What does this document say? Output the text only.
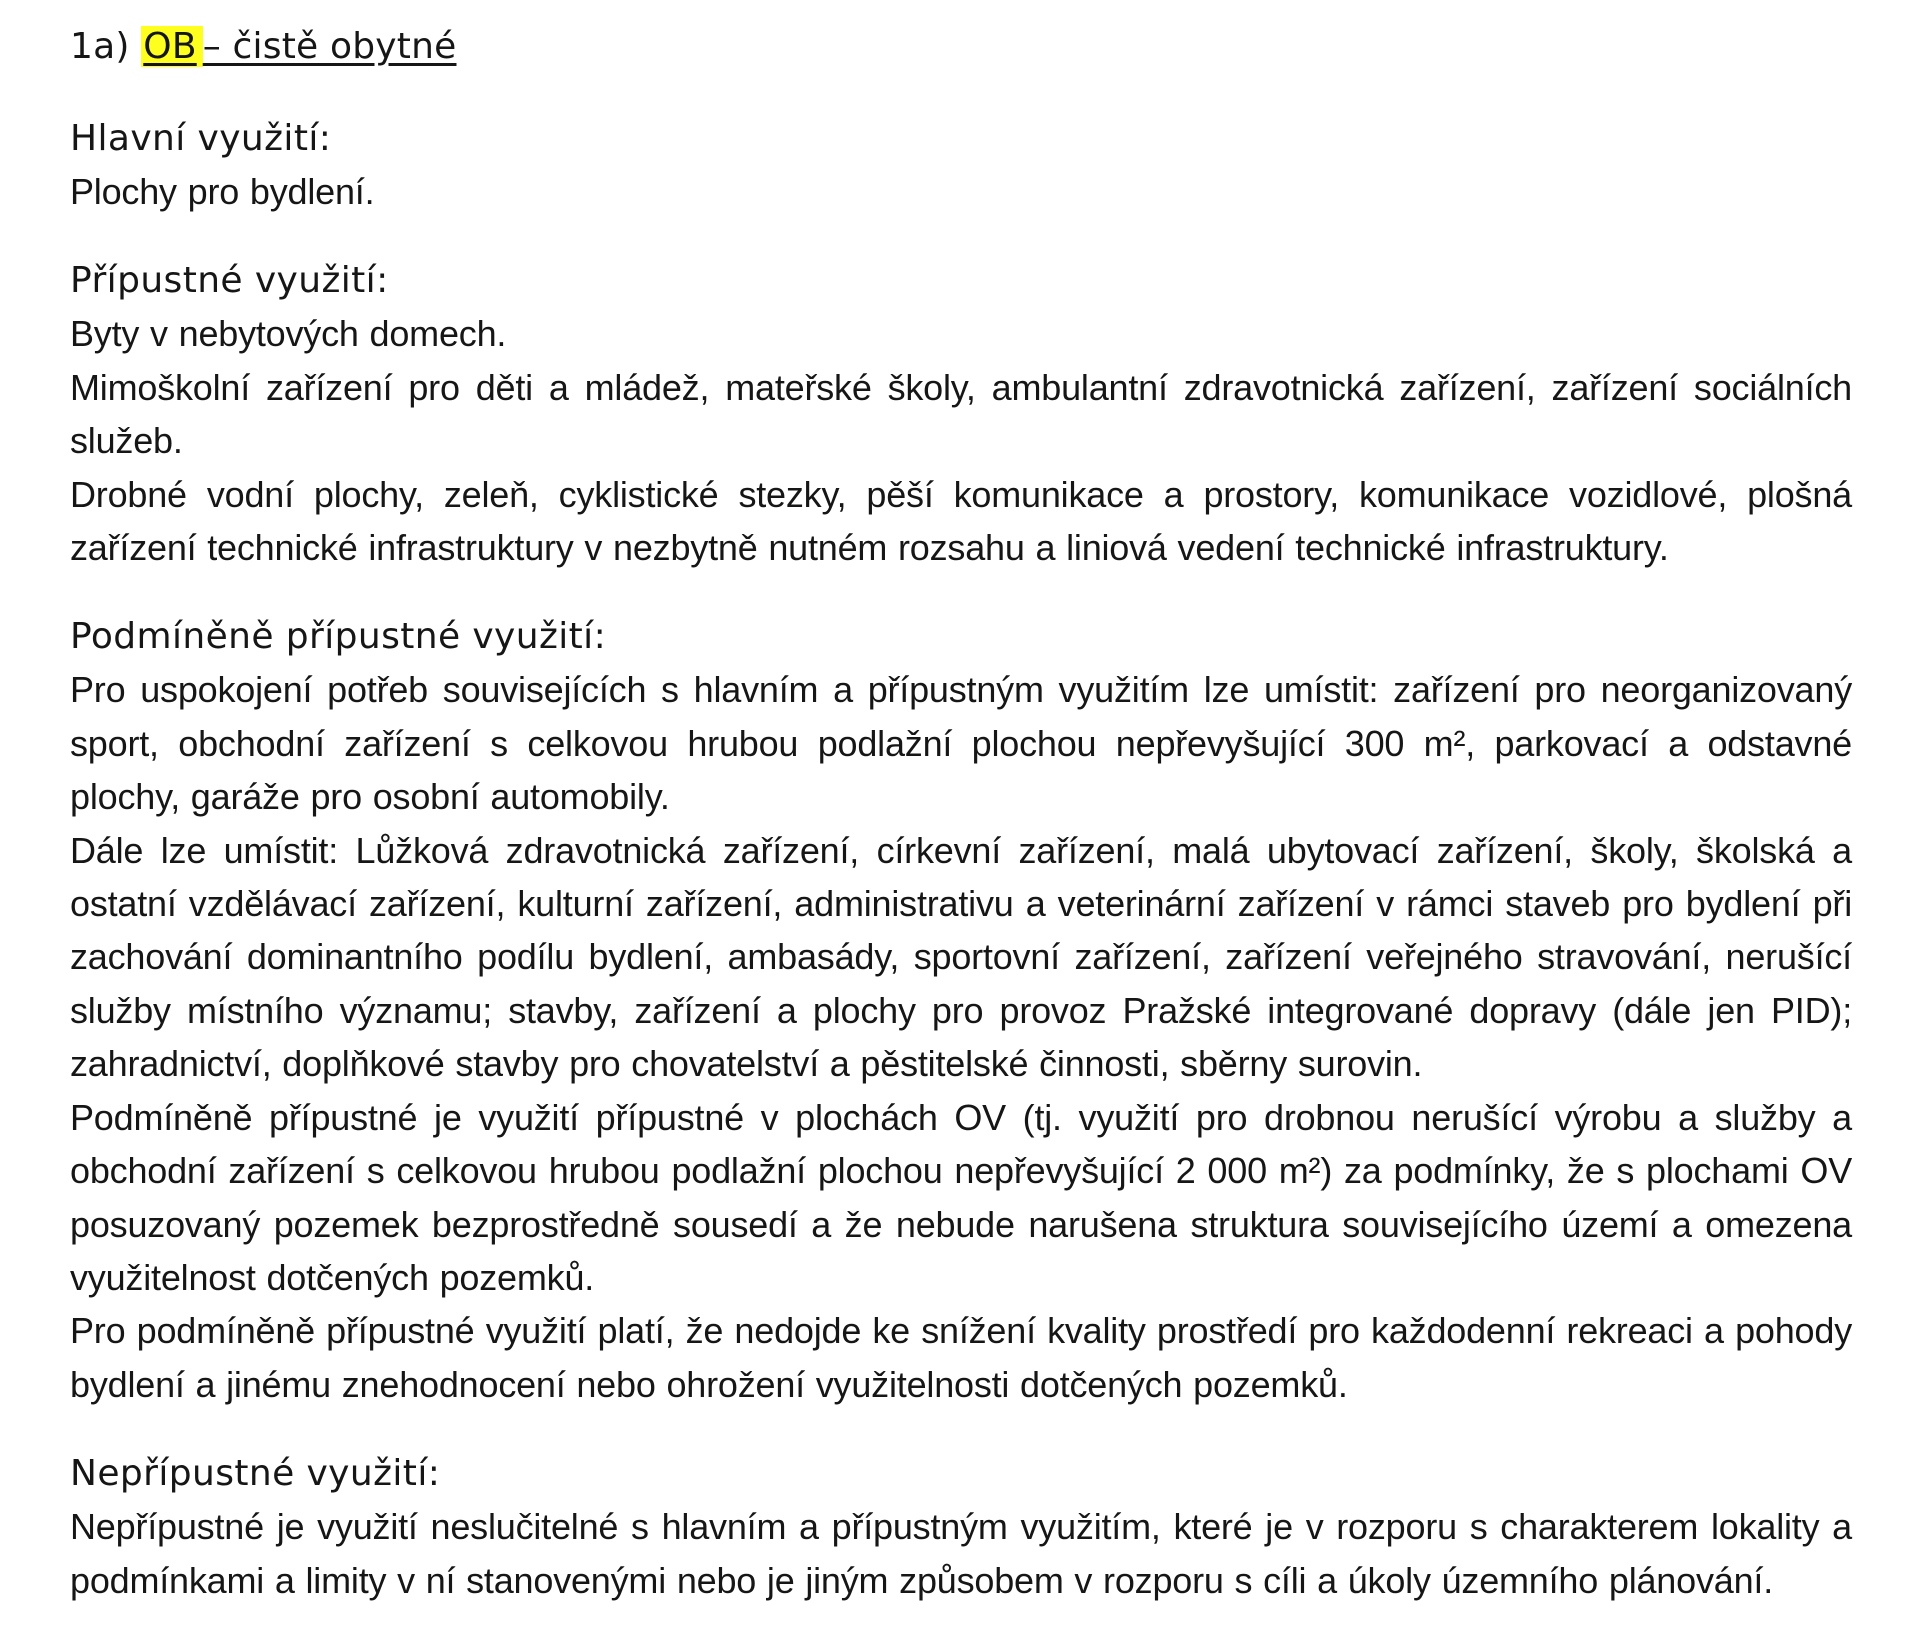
1a) OB – čistě obytné

Hlavní využití:

Plochy pro bydlení.

Přípustné využití:

Byty v nebytových domech.

Mimoškolní zařízení pro děti a mládež, mateřské školy, ambulantní zdravotnická zařízení, zařízení sociálních služeb.

Drobné vodní plochy, zeleň, cyklistické stezky, pěší komunikace a prostory, komunikace vozidlové, plošná zařízení technické infrastruktury v nezbytně nutném rozsahu a liniová vedení technické infrastruktury.

Podmíněně přípustné využití:

Pro uspokojení potřeb souvisejících s hlavním a přípustným využitím lze umístit: zařízení pro neorganizovaný sport, obchodní zařízení s celkovou hrubou podlažní plochou nepřevyšující 300 m², parkovací a odstavné plochy, garáže pro osobní automobily.

Dále lze umístit: Lůžková zdravotnická zařízení, církevní zařízení, malá ubytovací zařízení, školy, školská a ostatní vzdělávací zařízení, kulturní zařízení, administrativu a veterinární zařízení v rámci staveb pro bydlení při zachování dominantního podílu bydlení, ambasády, sportovní zařízení, zařízení veřejného stravování, nerušící služby místního významu; stavby, zařízení a plochy pro provoz Pražské integrované dopravy (dále jen PID); zahradnictví, doplňkové stavby pro chovatelství a pěstitelské činnosti, sběrny surovin.

Podmíněně přípustné je využití přípustné v plochách OV (tj. využití pro drobnou nerušící výrobu a služby a obchodní zařízení s celkovou hrubou podlažní plochou nepřevyšující 2 000 m²) za podmínky, že s plochami OV posuzovaný pozemek bezprostředně sousedí a že nebude narušena struktura souvisejícího území a omezena využitelnost dotčených pozemků.

Pro podmíněně přípustné využití platí, že nedojde ke snížení kvality prostředí pro každodenní rekreaci a pohody bydlení a jinému znehodnocení nebo ohrožení využitelnosti dotčených pozemků.

Nepřípustné využití:

Nepřípustné je využití neslučitelné s hlavním a přípustným využitím, které je v rozporu s charakterem lokality a podmínkami a limity v ní stanovenými nebo je jiným způsobem v rozporu s cíli a úkoly územního plánování.
